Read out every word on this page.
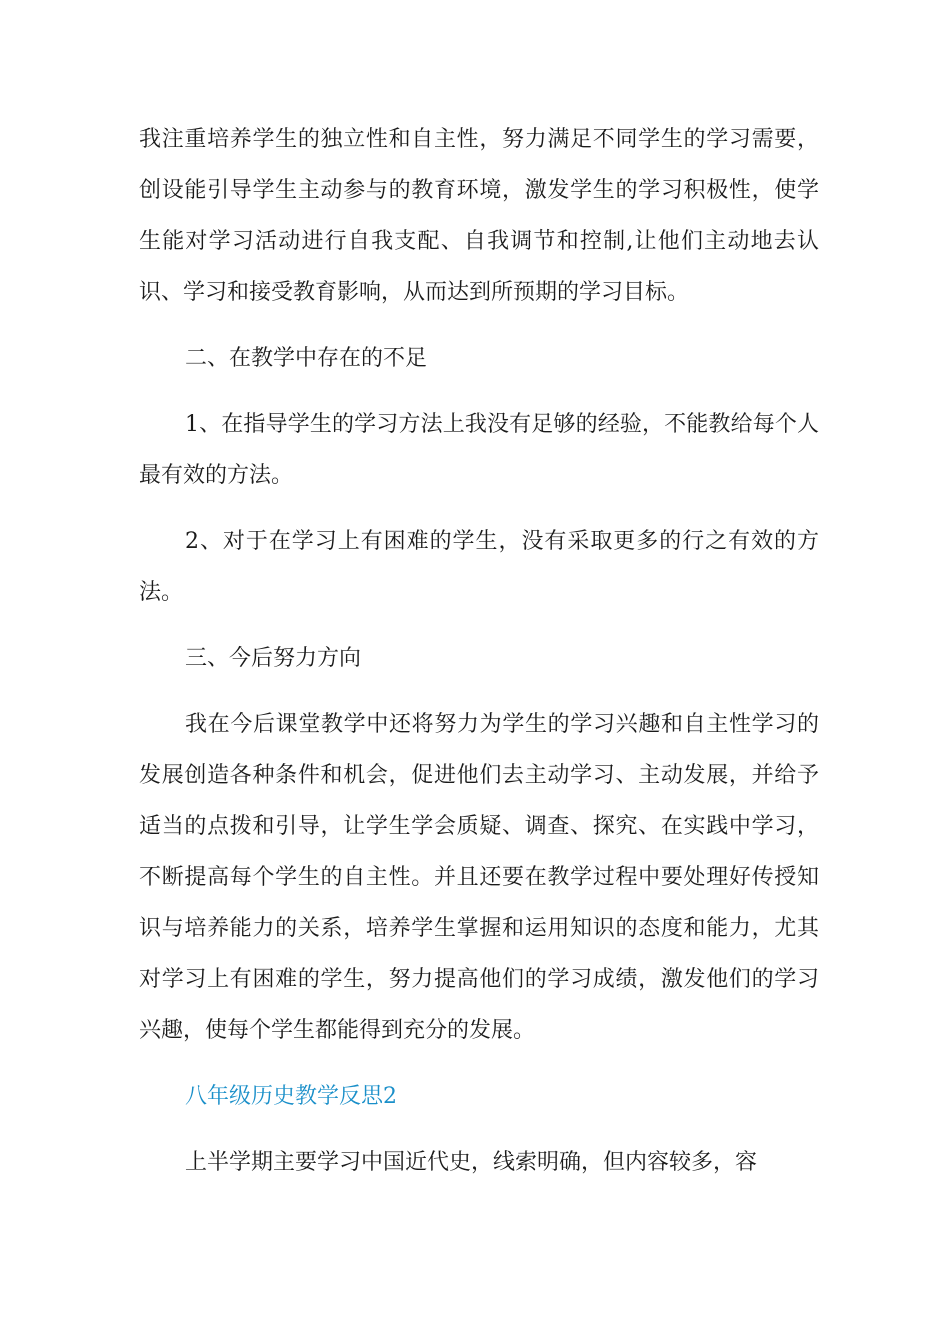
我注重培养学生的独立性和自主性，努力满足不同学生的学习需要，创设能引导学生主动参与的教育环境，激发学生的学习积极性，使学生能对学习活动进行自我支配、自我调节和控制,让他们主动地去认识、学习和接受教育影响，从而达到所预期的学习目标。

二、在教学中存在的不足

1、在指导学生的学习方法上我没有足够的经验，不能教给每个人最有效的方法。

2、对于在学习上有困难的学生，没有采取更多的行之有效的方法。

三、今后努力方向

我在今后课堂教学中还将努力为学生的学习兴趣和自主性学习的发展创造各种条件和机会，促进他们去主动学习、主动发展，并给予适当的点拨和引导，让学生学会质疑、调查、探究、在实践中学习，不断提高每个学生的自主性。并且还要在教学过程中要处理好传授知识与培养能力的关系，培养学生掌握和运用知识的态度和能力，尤其对学习上有困难的学生，努力提高他们的学习成绩，激发他们的学习兴趣，使每个学生都能得到充分的发展。

八年级历史教学反思2

上半学期主要学习中国近代史，线索明确，但内容较多，容
